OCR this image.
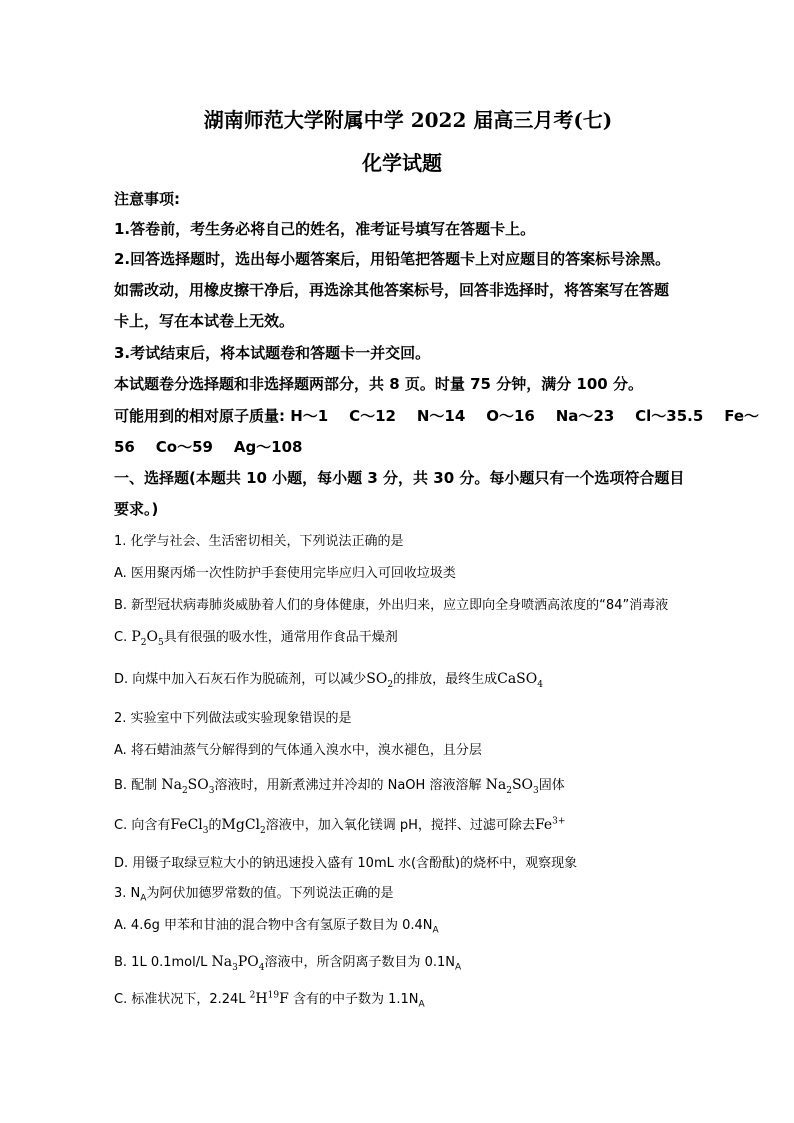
湖南师范大学附属中学 2022 届高三月考(七)
化学试题
注意事项:
1.答卷前，考生务必将自己的姓名，准考证号填写在答题卡上。
2.回答选择题时，选出每小题答案后，用铅笔把答题卡上对应题目的答案标号涂黑。
如需改动，用橡皮擦干净后，再选涂其他答案标号，回答非选择时，将答案写在答题
卡上，写在本试卷上无效。
3.考试结束后，将本试题卷和答题卡一并交回。
本试题卷分选择题和非选择题两部分，共 8 页。时量 75 分钟，满分 100 分。
可能用到的相对原子质量: H～1    C～12    N～14    O～16    Na～23    Cl～35.5    Fe～
56    Co～59    Ag～108
一、选择题(本题共 10 小题，每小题 3 分，共 30 分。每小题只有一个选项符合题目
要求。)
1. 化学与社会、生活密切相关，下列说法正确的是
A. 医用聚丙烯一次性防护手套使用完毕应归入可回收垃圾类
B. 新型冠状病毒肺炎威胁着人们的身体健康，外出归来，应立即向全身喷洒高浓度的“84”消毒液
C. $P_2O_5$具有很强的吸水性，通常用作食品干燥剂
D. 向煤中加入石灰石作为脱硫剂，可以减少$SO_2$的排放，最终生成CaSO$_4$
2. 实验室中下列做法或实验现象错误的是
A. 将石蜡油蒸气分解得到的气体通入溴水中，溴水褪色，且分层
B. 配制 $Na_2SO_3$溶液时，用新煮沸过并冷却的 NaOH 溶液溶解 $Na_2SO_3$固体
C. 向含有FeCl$_3$的MgCl$_2$溶液中，加入氧化镁调 pH，搅拌、过滤可除去$Fe^{3+}$
D. 用镊子取绿豆粒大小的钠迅速投入盛有 10mL 水(含酚酞)的烧杯中，观察现象
3. $N_A$为阿伏加德罗常数的值。下列说法正确的是
A. 4.6g 甲苯和甘油的混合物中含有氢原子数目为 $0.4N_A$
B. 1L 0.1mol/L $Na_3PO_4$溶液中，所含阴离子数目为 $0.1N_A$
C. 标准状况下，2.24L $^2H^{19}F$ 含有的中子数为 $1.1N_A$
